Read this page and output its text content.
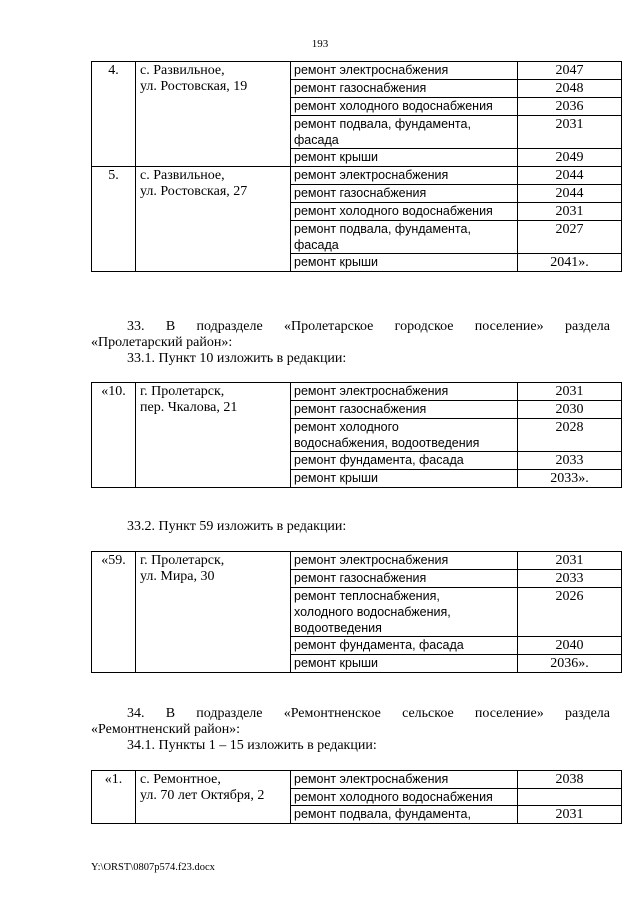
193
4.	с. Развильное,
ул. Ростовская, 19	ремонт электроснабжения	2047

		ремонт газоснабжения	2048

		ремонт холодного водоснабжения	2036

		ремонт подвала, фундамента,
фасада	2031

		ремонт крыши	2049
5.	с. Развильное,
ул. Ростовская, 27	ремонт электроснабжения	2044

		ремонт газоснабжения	2044

		ремонт холодного водоснабжения	2031

		ремонт подвала, фундамента,
фасада	2027

		ремонт крыши	2041».
33. В подразделе «Пролетарское городское поселение» раздела
«Пролетарский район»:
33.1. Пункт 10 изложить в редакции:
«10.	г. Пролетарск,
пер. Чкалова, 21	ремонт электроснабжения	2031

		ремонт газоснабжения	2030

		ремонт холодного
водоснабжения, водоотведения	2028

		ремонт фундамента, фасада	2033

		ремонт крыши	2033».
33.2. Пункт 59 изложить в редакции:
«59.	г. Пролетарск,
ул. Мира, 30	ремонт электроснабжения	2031

		ремонт газоснабжения	2033

		ремонт теплоснабжения,
холодного водоснабжения,
водоотведения	2026

		ремонт фундамента, фасада	2040

		ремонт крыши	2036».
34. В подразделе «Ремонтненское сельское поселение» раздела
«Ремонтненский район»:
34.1. Пункты 1 – 15 изложить в редакции:
«1.	с. Ремонтное,
ул. 70 лет Октября, 2	ремонт электроснабжения	2038

		ремонт холодного водоснабжения	

		ремонт подвала, фундамента,	2031
Y:\ORST\0807p574.f23.docx
